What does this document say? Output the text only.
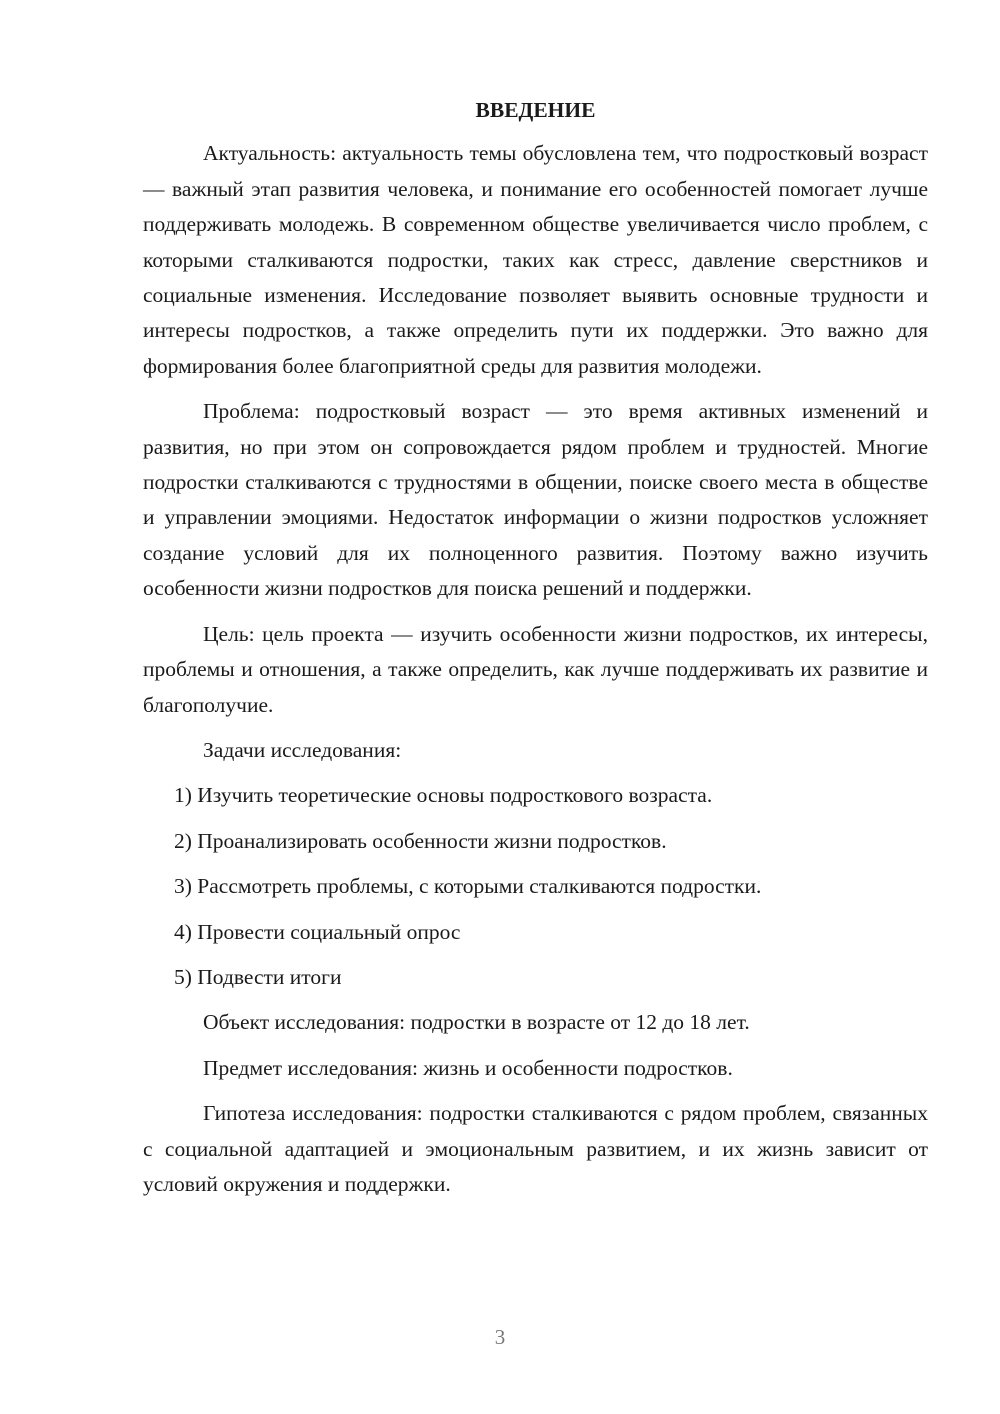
ВВЕДЕНИЕ

Актуальность: актуальность темы обусловлена тем, что подростковый возраст — важный этап развития человека, и понимание его особенностей помогает лучше поддерживать молодежь. В современном обществе увеличивается число проблем, с которыми сталкиваются подростки, таких как стресс, давление сверстников и социальные изменения. Исследование позволяет выявить основные трудности и интересы подростков, а также определить пути их поддержки. Это важно для формирования более благоприятной среды для развития молодежи.

Проблема: подростковый возраст — это время активных изменений и развития, но при этом он сопровождается рядом проблем и трудностей. Многие подростки сталкиваются с трудностями в общении, поиске своего места в обществе и управлении эмоциями. Недостаток информации о жизни подростков усложняет создание условий для их полноценного развития. Поэтому важно изучить особенности жизни подростков для поиска решений и поддержки.

Цель: цель проекта — изучить особенности жизни подростков, их интересы, проблемы и отношения, а также определить, как лучше поддерживать их развитие и благополучие.

Задачи исследования:

1) Изучить теоретические основы подросткового возраста.

2) Проанализировать особенности жизни подростков.

3) Рассмотреть проблемы, с которыми сталкиваются подростки.

4) Провести социальный опрос

5) Подвести итоги

Объект исследования: подростки в возрасте от 12 до 18 лет.

Предмет исследования: жизнь и особенности подростков.

Гипотеза исследования: подростки сталкиваются с рядом проблем, связанных с социальной адаптацией и эмоциональным развитием, и их жизнь зависит от условий окружения и поддержки.

3
